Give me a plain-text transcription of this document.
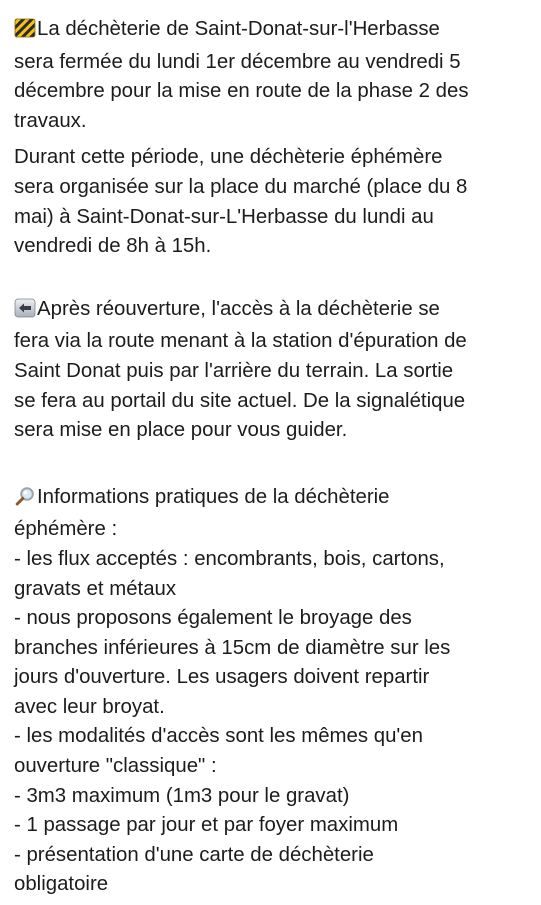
La déchèterie de Saint-Donat-sur-l'Herbasse
sera fermée du lundi 1er décembre au vendredi 5
décembre pour la mise en route de la phase 2 des
travaux.

Durant cette période, une déchèterie éphémère
sera organisée sur la place du marché (place du 8
mai) à Saint-Donat-sur-L'Herbasse du lundi au
vendredi de 8h à 15h.

Après réouverture, l'accès à la déchèterie se
fera via la route menant à la station d'épuration de
Saint Donat puis par l'arrière du terrain. La sortie
se fera au portail du site actuel. De la signalétique
sera mise en place pour vous guider.

Informations pratiques de la déchèterie
éphémère :
- les flux acceptés : encombrants, bois, cartons,
gravats et métaux
- nous proposons également le broyage des
branches inférieures à 15cm de diamètre sur les
jours d'ouverture. Les usagers doivent repartir
avec leur broyat.
- les modalités d'accès sont les mêmes qu'en
ouverture "classique" :
- 3m3 maximum (1m3 pour le gravat)
- 1 passage par jour et par foyer maximum
- présentation d'une carte de déchèterie
obligatoire
